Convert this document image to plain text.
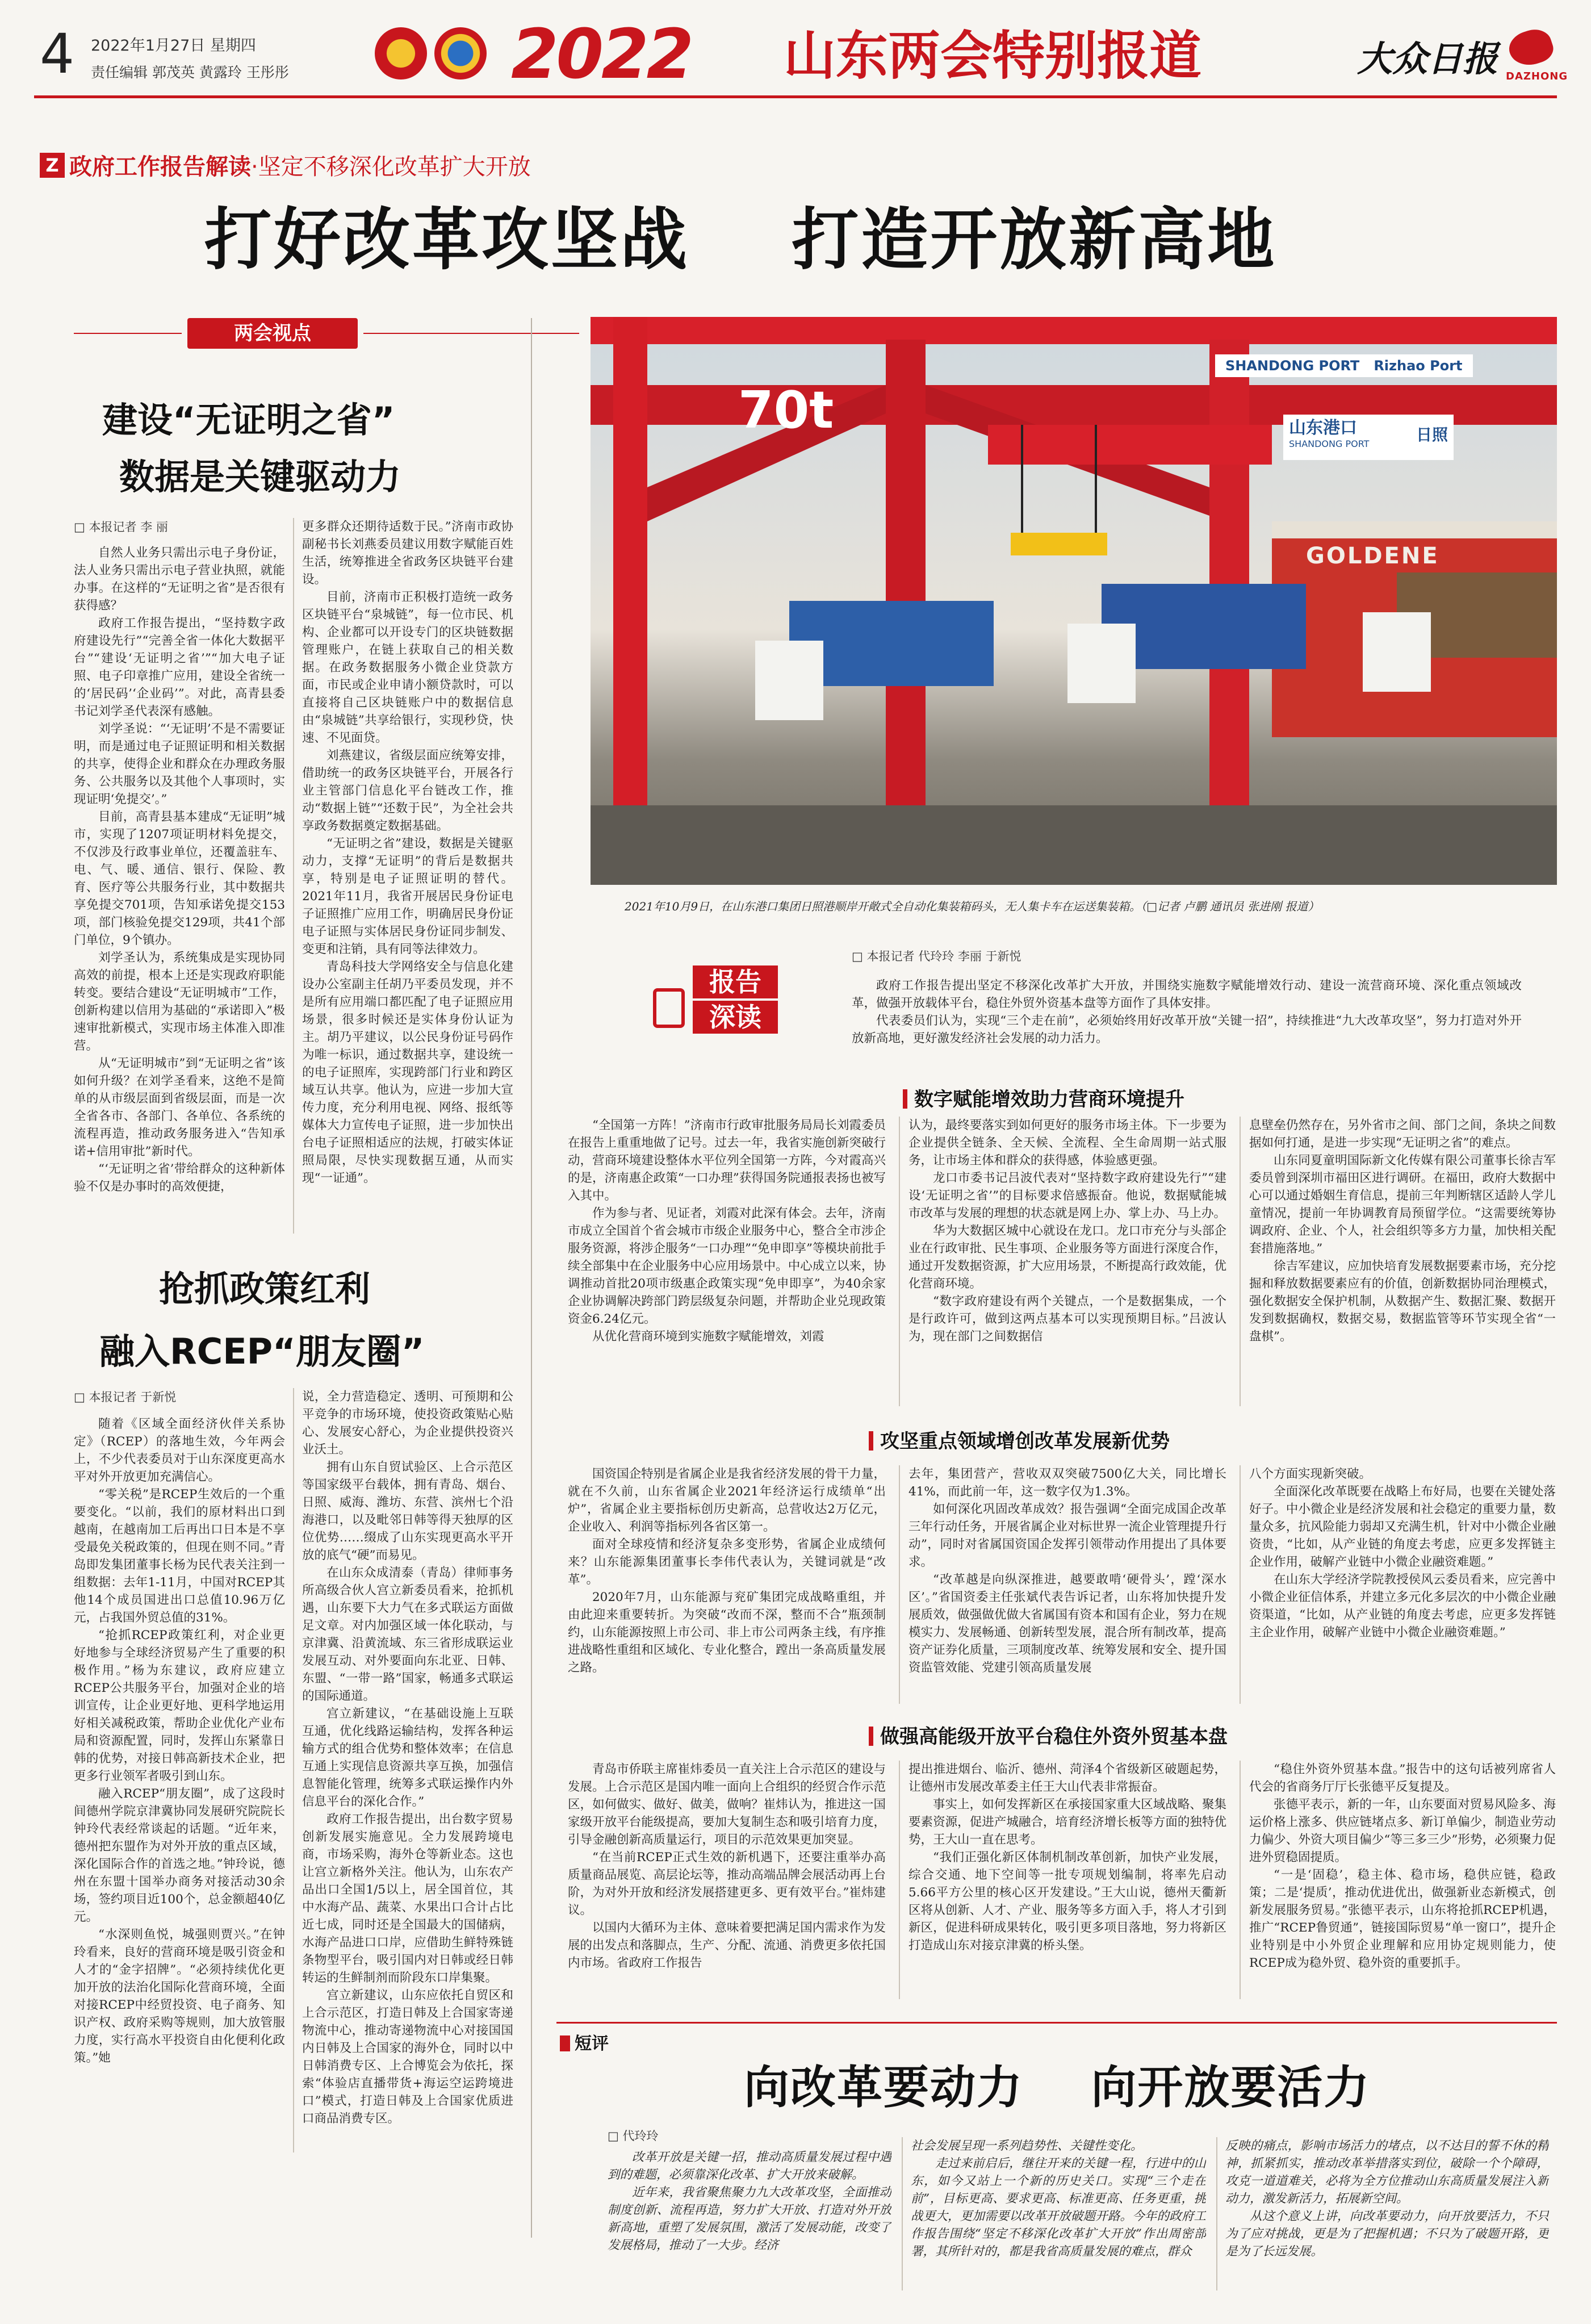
4 2022年1月27日 星期四
责任编辑 郭茂英 黄露玲 王彤彤	2022 山东两会特别报道	大众日报 DAZHONG
Z 政府工作报告解读·坚定不移深化改革扩大开放
打好改革攻坚战    打造开放新高地
两会视点
建设“无证明之省”
数据是关键驱动力
□ 本报记者 李 丽

自然人业务只需出示电子身份证，法人业务只需出示电子营业执照，就能办事。在这样的“无证明之省”是否很有获得感？

政府工作报告提出，“坚持数字政府建设先行”“完善全省一体化大数据平台”“建设‘无证明之省’”“加大电子证照、电子印章推广应用，建设全省统一的‘居民码’‘企业码’”。对此，高青县委书记刘学圣代表深有感触。

刘学圣说：“‘无证明’不是不需要证明，而是通过电子证照证明和相关数据的共享，使得企业和群众在办理政务服务、公共服务以及其他个人事项时，实现证明‘免提交’。”

目前，高青县基本建成“无证明”城市，实现了1207项证明材料免提交，不仅涉及行政事业单位，还覆盖驻车、电、气、暖、通信、银行、保险、教育、医疗等公共服务行业，其中数据共享免提交701项，告知承诺免提交153项，部门核验免提交129项，共41个部门单位，9个镇办。

刘学圣认为，系统集成是实现协同高效的前提，根本上还是实现政府职能转变。要结合建设“无证明城市”工作，创新构建以信用为基础的“承诺即入”极速审批新模式，实现市场主体准入即准营。

从“无证明城市”到“无证明之省”该如何升级？在刘学圣看来，这绝不是简单的从市级层面到省级层面，而是一次全省各市、各部门、各单位、各系统的流程再造，推动政务服务进入“告知承诺+信用审批”新时代。

“‘无证明之省’带给群众的这种新体验不仅是办事时的高效便捷，

更多群众还期待适数于民。”济南市政协副秘书长刘燕委员建议用数字赋能百姓生活，统筹推进全省政务区块链平台建设。

目前，济南市正积极打造统一政务区块链平台“泉城链”，每一位市民、机构、企业都可以开设专门的区块链数据管理账户，在链上获取自己的相关数据。在政务数据服务小微企业贷款方面，市民或企业申请小额贷款时，可以直接将自己区块链账户中的数据信息由“泉城链”共享给银行，实现秒贷，快速、不见面贷。

刘燕建议，省级层面应统筹安排，借助统一的政务区块链平台，开展各行业主管部门信息化平台链改工作，推动“数据上链”“还数于民”，为全社会共享政务数据奠定数据基础。

“无证明之省”建设，数据是关键驱动力，支撑“无证明”的背后是数据共享，特别是电子证照证明的替代。2021年11月，我省开展居民身份证电子证照推广应用工作，明确居民身份证电子证照与实体居民身份证同步制发、变更和注销，具有同等法律效力。

青岛科技大学网络安全与信息化建设办公室副主任胡乃平委员发现，并不是所有应用端口都匹配了电子证照应用场景，很多时候还是实体身份认证为主。胡乃平建议，以公民身份证号码作为唯一标识，通过数据共享，建设统一的电子证照库，实现跨部门行业和跨区域互认共享。他认为，应进一步加大宣传力度，充分利用电视、网络、报纸等媒体大力宣传电子证照，进一步加快出台电子证照相适应的法规，打破实体证照局限，尽快实现数据互通，从而实现“一证通”。

抢抓政策红利
融入RCEP“朋友圈”
□ 本报记者 于新悦

随着《区域全面经济伙伴关系协定》（RCEP）的落地生效，今年两会上，不少代表委员对于山东深度更高水平对外开放更加充满信心。

“零关税”是RCEP生效后的一个重要变化。“以前，我们的原材料出口到越南，在越南加工后再出口日本是不享受最免关税政策的，但现在则不同。”青岛即发集团董事长杨为民代表关注到一组数据：去年1-11月，中国对RCEP其他14个成员国进出口总值10.96万亿元，占我国外贸总值的31%。

“抢抓RCEP政策红利，对企业更好地参与全球经济贸易产生了重要的积极作用。”杨为东建议，政府应建立RCEP公共服务平台，加强对企业的培训宣传，让企业更好地、更科学地运用好相关减税政策，帮助企业优化产业布局和资源配置，同时，发挥山东紧靠日韩的优势，对接日韩高新技术企业，把更多行业领军者吸引到山东。

融入RCEP“朋友圈”，成了这段时间德州学院京津冀协同发展研究院院长钟玲代表经常谈起的话题。“近年来，德州把东盟作为对外开放的重点区域，深化国际合作的首选之地。”钟玲说，德州在东盟十国举办商务对接活动30余场，签约项目近100个，总金额超40亿元。

“水深则鱼悦，城强则贾兴。”在钟玲看来，良好的营商环境是吸引资金和人才的“金字招牌”。“必须持续优化更加开放的法治化国际化营商环境，全面对接RCEP中经贸投资、电子商务、知识产权、政府采购等规则，加大放管服力度，实行高水平投资自由化便利化政策。”她

说，全力营造稳定、透明、可预期和公平竞争的市场环境，使投资政策贴心贴心、发展安心舒心，为企业提供投资兴业沃土。

拥有山东自贸试验区、上合示范区等国家级平台载体，拥有青岛、烟台、日照、威海、潍坊、东营、滨州七个沿海港口，以及毗邻日韩等得天独厚的区位优势……缀成了山东实现更高水平开放的底气“硬”而易见。

在山东众成清泰（青岛）律师事务所高级合伙人宫立新委员看来，抢抓机遇，山东要下大力气在多式联运方面做足文章。对内加强区域一体化联动，与京津冀、沿黄流域、东三省形成联运业发展互动、对外要面向东北亚、日韩、东盟、“一带一路”国家，畅通多式联运的国际通道。

宫立新建议，“在基础设施上互联互通，优化线路运输结构，发挥各种运输方式的组合优势和整体效率；在信息互通上实现信息资源共享互换，加强信息智能化管理，统筹多式联运操作内外信息平台的深化合作。”

政府工作报告提出，出台数字贸易创新发展实施意见。全力发展跨境电商，市场采购，海外仓等新业态。这也让宫立新格外关注。他认为，山东农产品出口全国1/5以上，居全国首位，其中水海产品、蔬菜、水果出口合计占比近七成，同时还是全国最大的国储病，水海产品进口口岸，应借助生鲜特殊链条物型平台，吸引国内对日韩或经日韩转运的生鲜制剂而阶段东口岸集聚。

宫立新建议，山东应依托自贸区和上合示范区，打造日韩及上合国家寄递物流中心，推动寄递物流中心对接国国内日韩及上合国家的海外仓，同时以中日韩消费专区、上合博览会为依托，探索“体验店直播带货+海运空运跨境进口”模式，打造日韩及上合国家优质进口商品消费专区。

SHANDONG PORT   Rizhao Port
70t	山东港口
SHANDONG PORT	日照
GOLDENE
2021年10月9日，在山东港口集团日照港顺岸开敞式全自动化集装箱码头，无人集卡车在运送集装箱。（□记者 卢鹏 通讯员 张进刚 报道）
报告
深读
□ 本报记者 代玲玲 李丽 于新悦

政府工作报告提出坚定不移深化改革扩大开放，并围绕实施数字赋能增效行动、建设一流营商环境、深化重点领域改革，做强开放载体平台，稳住外贸外资基本盘等方面作了具体安排。

代表委员们认为，实现“三个走在前”，必须始终用好改革开放“关键一招”，持续推进“九大改革攻坚”，努力打造对外开放新高地，更好激发经济社会发展的动力活力。

数字赋能增效助力营商环境提升

“全国第一方阵！”济南市行政审批服务局局长刘霞委员在报告上重重地做了记号。过去一年，我省实施创新突破行动，营商环境建设整体水平位列全国第一方阵，今对霞高兴的是，济南惠企政策“一口办理”获得国务院通报表扬也被写入其中。

作为参与者、见证者，刘霞对此深有体会。去年，济南市成立全国首个省会城市市级企业服务中心，整合全市涉企服务资源，将涉企服务“一口办理”“免申即享”等模块前批手续全部集中在企业服务中心应用场景中。中心成立以来，协调推动首批20项市级惠企政策实现“免申即享”，为40余家企业协调解决跨部门跨层级复杂问题，并帮助企业兑现政策资金6.24亿元。

从优化营商环境到实施数字赋能增效，刘霞

认为，最终要落实到如何更好的服务市场主体。下一步要为企业提供全链条、全天候、全流程、全生命周期一站式服务，让市场主体和群众的获得感，体验感更强。

龙口市委书记吕波代表对“坚持数字政府建设先行”“建设‘无证明之省’”的目标要求倍感振奋。他说，数据赋能城市改革与发展的理想的状态就是网上办、掌上办、马上办。

华为大数据区城中心就设在龙口。龙口市充分与头部企业在行政审批、民生事项、企业服务等方面进行深度合作，通过开发数据资源，扩大应用场景，不断提高行政效能，优化营商环境。

“数字政府建设有两个关键点，一个是数据集成，一个是行政许可，做到这两点基本可以实现预期目标。”吕波认为，现在部门之间数据信

息壁垒仍然存在，另外省市之间、部门之间，条块之间数据如何打通，是进一步实现“无证明之省”的难点。

山东同夏童明国际新文化传媒有限公司董事长徐吉军委员曾到深圳市福田区进行调研。在福田，政府大数据中心可以通过婚姻生育信息，提前三年判断辖区适龄人学儿童情况，提前一年协调教育局预留学位。“这需要统筹协调政府、企业、个人，社会组织等多方力量，加快相关配套措施落地。”

徐吉军建议，应加快培育发展数据要素市场，充分挖掘和释放数据要素应有的价值，创新数据协同治理模式，强化数据安全保护机制，从数据产生、数据汇聚、数据开发到数据确权，数据交易，数据监管等环节实现全省“一盘棋”。

攻坚重点领域增创改革发展新优势

国资国企特别是省属企业是我省经济发展的骨干力量，就在不久前，山东省属企业2021年经济运行成绩单“出炉”，省属企业主要指标创历史新高，总营收达2万亿元，企业收入、利润等指标列各省区第一。

面对全球疫情和经济复杂多变形势，省属企业成绩何来？山东能源集团董事长李伟代表认为，关键词就是“改革”。

2020年7月，山东能源与兖矿集团完成战略重组，并由此迎来重要转折。为突破“改而不深，整而不合”瓶颈制约，山东能源按照上市公司、非上市公司两条主线，有序推进战略性重组和区域化、专业化整合，蹚出一条高质量发展之路。

去年，集团营产，营收双双突破7500亿大关，同比增长41%，而此前一年，这一数字仅为1.3%。

如何深化巩固改革成效？报告强调“全面完成国企改革三年行动任务，开展省属企业对标世界一流企业管理提升行动”，同时对省属国资国企发挥引领带动作用提出了具体要求。

“改革越是向纵深推进，越要敢啃‘硬骨头’，蹚‘深水区’。”省国资委主任张斌代表告诉记者，山东将加快提升发展质效，做强做优做大省属国有资本和国有企业，努力在规模实力、发展畅通、创新转型发展，混合所有制改革，提高资产证券化质量，三项制度改革、统筹发展和安全、提升国资监管效能、党建引领高质量发展

八个方面实现新突破。

全面深化改革既要在战略上布好局，也要在关键处落好子。中小微企业是经济发展和社会稳定的重要力量，数量众多，抗风险能力弱却又充满生机，针对中小微企业融资贵，“比如，从产业链的角度去考虑，应更多发挥链主企业作用，破解产业链中小微企业融资难题。”

在山东大学经济学院教授侯风云委员看来，应完善中小微企业征信体系，并建立多元化多层次的中小微企业融资渠道，“比如，从产业链的角度去考虑，应更多发挥链主企业作用，破解产业链中小微企业融资难题。”

做强高能级开放平台稳住外资外贸基本盘

青岛市侨联主席崔炜委员一直关注上合示范区的建设与发展。上合示范区是国内唯一面向上合组织的经贸合作示范区，如何做实、做好、做美，做响？崔炜认为，推进这一国家级开放平台能级提高，要加大复制生态和吸引培育力度，引导金融创新高质量运行，项目的示范效果更加突显。

“在当前RCEP正式生效的新机遇下，还要注重举办高质量商品展览、高层论坛等，推动高端品牌会展活动再上台阶，为对外开放和经济发展搭建更多、更有效平台。”崔炜建议。

以国内大循环为主体、意味着要把满足国内需求作为发展的出发点和落脚点，生产、分配、流通、消费更多依托国内市场。省政府工作报告

提出推进烟台、临沂、德州、菏泽4个省级新区破题起势，让德州市发展改革委主任王大山代表非常振奋。

事实上，如何发挥新区在承接国家重大区域战略、聚集要素资源，促进产城融合，培育经济增长板等方面的独特优势，王大山一直在思考。

“我们正强化新区体制机制改革创新，加快产业发展，综合交通、地下空间等一批专项规划编制，将率先启动5.66平方公里的核心区开发建设。”王大山说，德州天衢新区将从创新、人才、产业、服务等多方面入手，将人才引到新区，促进科研成果转化，吸引更多项目落地，努力将新区打造成山东对接京津冀的桥头堡。

“稳住外资外贸基本盘。”报告中的这句话被列席省人代会的省商务厅厅长张德平反复提及。

张德平表示，新的一年，山东要面对贸易风险多、海运价格上涨多、供应链堵点多、新订单偏少，制造业劳动力偏少、外资大项目偏少“等三多三少”形势，必须聚力促进外贸稳固提质。

“一是‘固稳’，稳主体、稳市场，稳供应链，稳政策；二是‘提质’，推动优进优出，做强新业态新模式，创新发展服务贸易。”张德平表示，山东将抢抓RCEP机遇，推广“RCEP鲁贸通”，链接国际贸易“单一窗口”，提升企业特别是中小外贸企业理解和应用协定规则能力，使RCEP成为稳外贸、稳外资的重要抓手。

短评
向改革要动力    向开放要活力
□ 代玲玲

改革开放是关键一招，推动高质量发展过程中遇到的难题，必须靠深化改革、扩大开放来破解。

近年来，我省聚焦聚力九大改革攻坚，全面推动制度创新、流程再造，努力扩大开放、打造对外开放新高地，重塑了发展氛围，激活了发展动能，改变了发展格局，推动了一大步。经济

社会发展呈现一系列趋势性、关键性变化。

走过来前启后，继往开来的关键一程，行进中的山东，如今又站上一个新的历史关口。实现“三个走在前”，目标更高、要求更高、标准更高、任务更重，挑战更大，更加需要以改革开放破题开路。今年的政府工作报告围绕“坚定不移深化改革扩大开放”作出周密部署，其所针对的，都是我省高质量发展的难点，群众

反映的痛点，影响市场活力的堵点，以不达目的誓不休的精神，抓紧抓实，推动改革举措落实到位，破除一个个障碍，攻克一道道难关，必将为全方位推动山东高质量发展注入新动力，激发新活力，拓展新空间。

从这个意义上讲，向改革要动力，向开放要活力，不只为了应对挑战，更是为了把握机遇；不只为了破题开路，更是为了长远发展。
